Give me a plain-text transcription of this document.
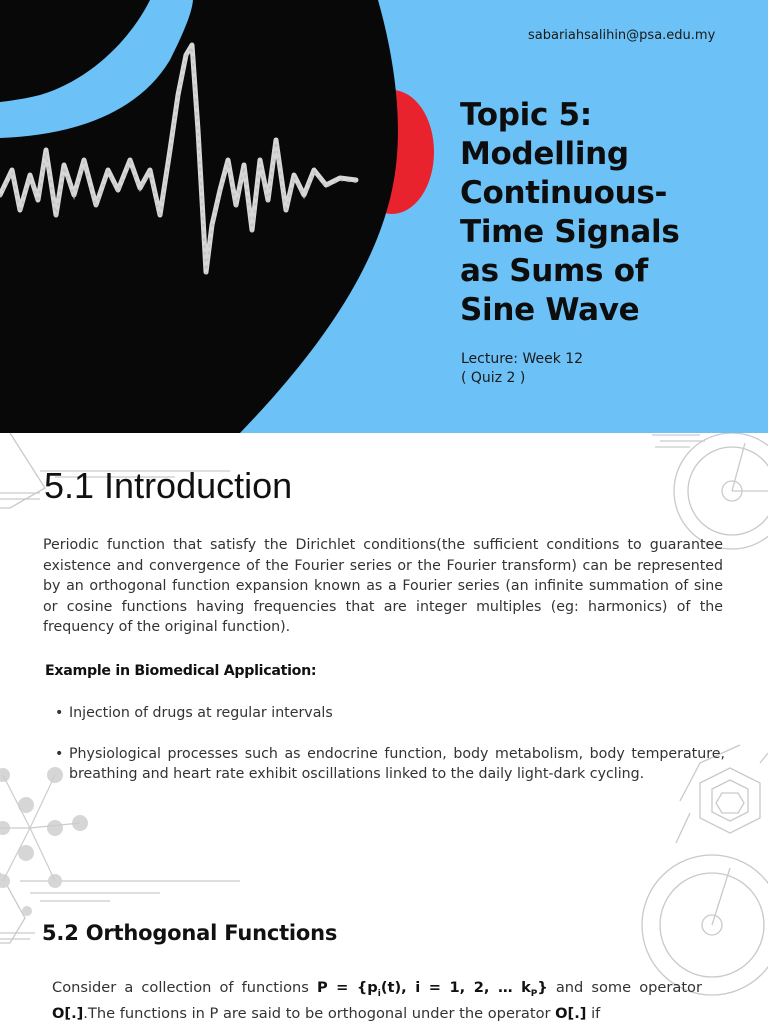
sabariahsalihin@psa.edu.my
Topic 5:
Modelling
Continuous-
Time Signals
as Sums of
Sine Wave
Lecture: Week 12
( Quiz 2 )
5.1 Introduction
Periodic function that satisfy the Dirichlet conditions(the sufficient conditions to guarantee existence and convergence of the Fourier series or the Fourier transform) can be represented by an orthogonal function expansion known as a Fourier series (an infinite summation of sine or cosine functions having frequencies that are integer multiples (eg: harmonics) of the frequency of the original function).
Example in Biomedical Application:
• Injection of drugs at regular intervals
• Physiological processes such as endocrine function, body metabolism, body temperature, breathing and heart rate exhibit oscillations linked to the daily light-dark cycling.
5.2 Orthogonal Functions
Consider a collection of functions $P = \{p_i(t)$, i = 1, 2, … $k_P$} and some operator O[.].The functions in P are said to be orthogonal under the operator O[.] if
